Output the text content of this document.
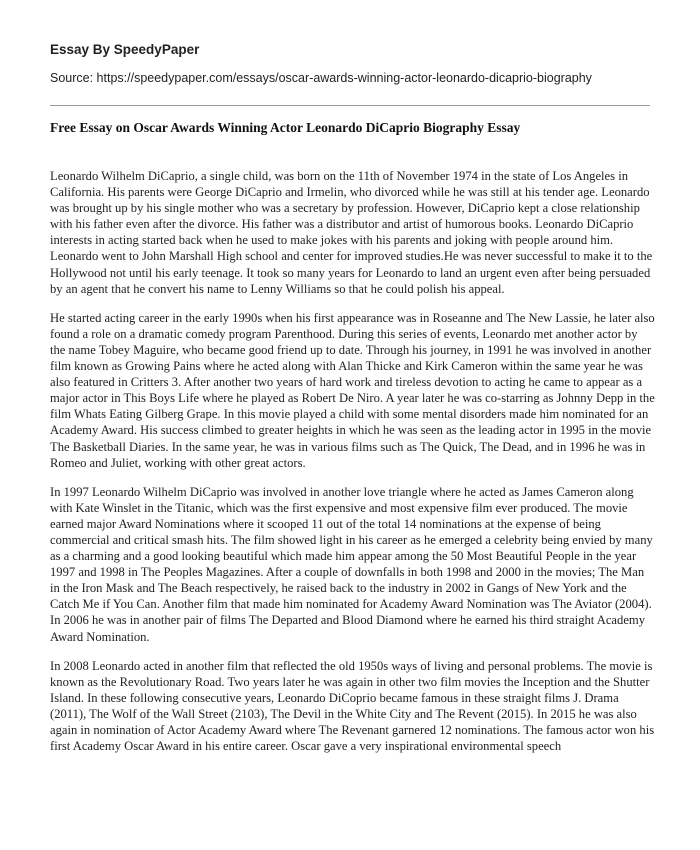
Essay By SpeedyPaper
Source: https://speedypaper.com/essays/oscar-awards-winning-actor-leonardo-dicaprio-biography
Free Essay on Oscar Awards Winning Actor Leonardo DiCaprio Biography Essay

Leonardo Wilhelm DiCaprio, a single child, was born on the 11th of November 1974 in the state of Los Angeles in California. His parents were George DiCaprio and Irmelin, who divorced while he was still at his tender age. Leonardo was brought up by his single mother who was a secretary by profession. However, DiCaprio kept a close relationship with his father even after the divorce. His father was a distributor and artist of humorous books. Leonardo DiCaprio interests in acting started back when he used to make jokes with his parents and joking with people around him. Leonardo went to John Marshall High school and center for improved studies.He was never successful to make it to the Hollywood not until his early teenage. It took so many years for Leonardo to land an urgent even after being persuaded by an agent that he convert his name to Lenny Williams so that he could polish his appeal.

He started acting career in the early 1990s when his first appearance was in Roseanne and The New Lassie, he later also found a role on a dramatic comedy program Parenthood. During this series of events, Leonardo met another actor by the name Tobey Maguire, who became good friend up to date. Through his journey, in 1991 he was involved in another film known as Growing Pains where he acted along with Alan Thicke and Kirk Cameron within the same year he was also featured in Critters 3. After another two years of hard work and tireless devotion to acting he came to appear as a major actor in This Boys Life where he played as Robert De Niro. A year later he was co-starring as Johnny Depp in the film Whats Eating Gilberg Grape. In this movie played a child with some mental disorders made him nominated for an Academy Award. His success climbed to greater heights in which he was seen as the leading actor in 1995 in the movie The Basketball Diaries. In the same year, he was in various films such as The Quick, The Dead, and in 1996 he was in Romeo and Juliet, working with other great actors.

In 1997 Leonardo Wilhelm DiCaprio was involved in another love triangle where he acted as James Cameron along with Kate Winslet in the Titanic, which was the first expensive and most expensive film ever produced. The movie earned major Award Nominations where it scooped 11 out of the total 14 nominations at the expense of being commercial and critical smash hits. The film showed light in his career as he emerged a celebrity being envied by many as a charming and a good looking beautiful which made him appear among the 50 Most Beautiful People in the year 1997 and 1998 in The Peoples Magazines. After a couple of downfalls in both 1998 and 2000 in the movies; The Man in the Iron Mask and The Beach respectively, he raised back to the industry in 2002 in Gangs of New York and the Catch Me if You Can. Another film that made him nominated for Academy Award Nomination was The Aviator (2004). In 2006 he was in another pair of films The Departed and Blood Diamond where he earned his third straight Academy Award Nomination.

In 2008 Leonardo acted in another film that reflected the old 1950s ways of living and personal problems. The movie is known as the Revolutionary Road. Two years later he was again in other two film movies the Inception and the Shutter Island. In these following consecutive years, Leonardo DiCoprio became famous in these straight films J. Drama (2011), The Wolf of the Wall Street (2103), The Devil in the White City and The Revent (2015). In 2015 he was also again in nomination of Actor Academy Award where The Revenant garnered 12 nominations. The famous actor won his first Academy Oscar Award in his entire career. Oscar gave a very inspirational environmental speech
